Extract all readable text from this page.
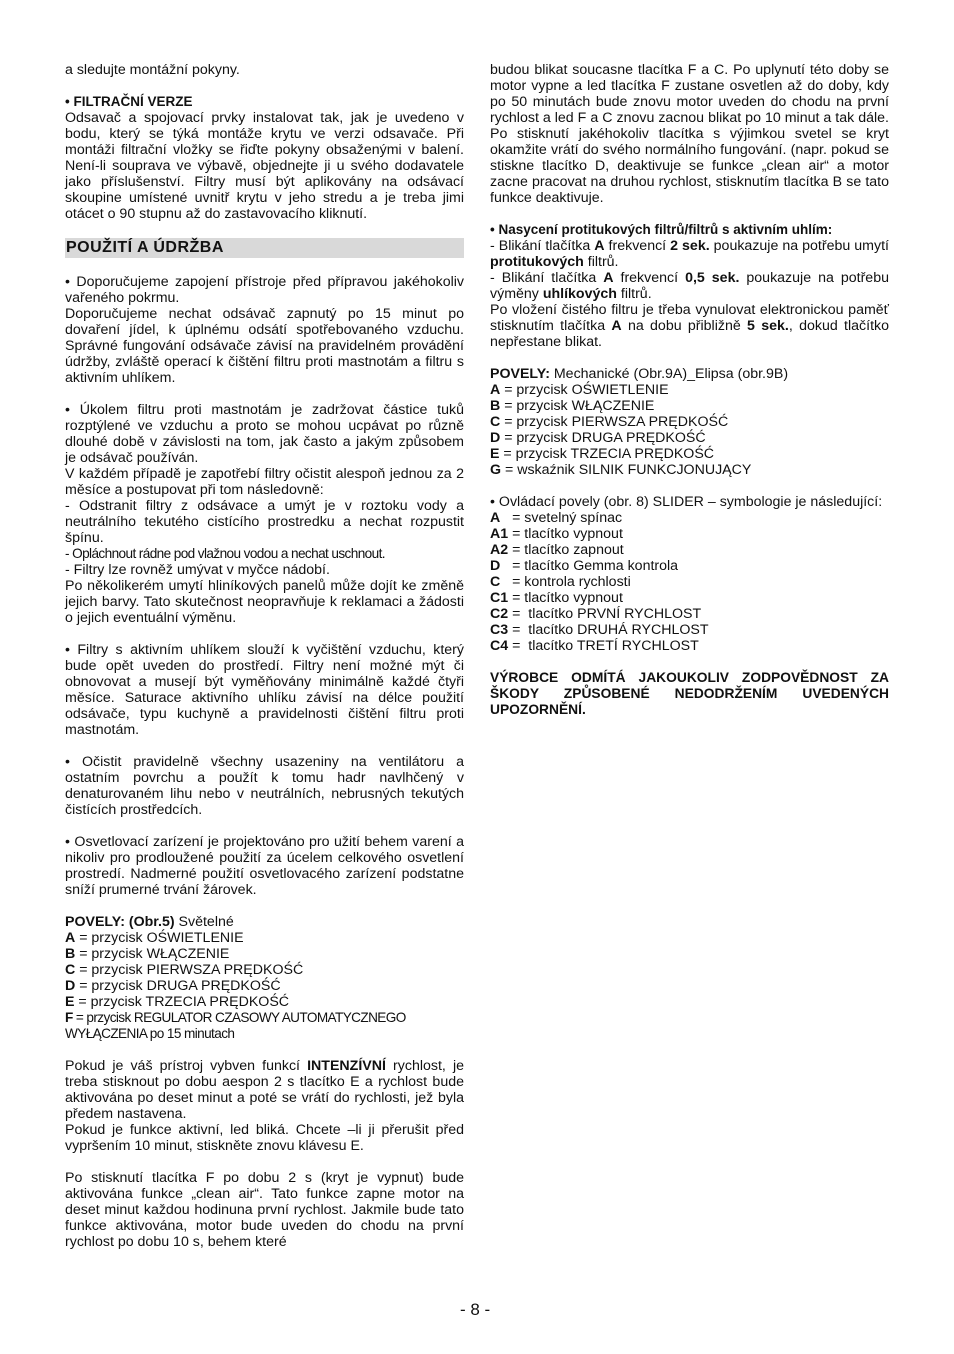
a sledujte montážní pokyny.

• FILTRAČNÍ VERZE

Odsavač a spojovací prvky instalovat tak, jak je uvedeno v bodu, který se týká montáže krytu ve verzi odsavače. Při montáži filtrační vložky se řiďte pokyny obsaženými v balení. Není-li souprava ve výbavě, objednejte ji u svého dodavatele jako příslušenství. Filtry musí být aplikovány na odsávací skoupine umístené uvnitř krytu v jeho stredu a je treba jimi otácet o 90 stupnu až do zastavovacího kliknutí.

POUŽITÍ A ÚDRŽBA

• Doporučujeme zapojení přístroje před přípravou jakéhokoliv vařeného pokrmu.

Doporučujeme nechat odsávač zapnutý po 15 minut po dovaření jídel, k úplnému odsátí spotřebovaného vzduchu. Správné fungování odsávače závisí na pravidelném provádění údržby, zvláště operací k čištění filtru proti mastnotám a filtru s aktivním uhlíkem.

• Úkolem filtru proti mastnotám je zadržovat částice tuků rozptýlené ve vzduchu a proto se mohou ucpávat po různě dlouhé době v závislosti na tom, jak často a jakým způsobem je odsávač používán.

V každém případě je zapotřebí filtry očistit alespoň jednou za 2 měsíce a postupovat při tom následovně:

- Odstranit filtry z odsávace a umýt je v roztoku vody a neutrálního tekutého cistícího prostredku a nechat rozpustit špínu.

- Opláchnout rádne pod vlažnou vodou a nechat uschnout.

- Filtry lze rovněž umývat v myčce nádobí.

Po několikerém umytí hliníkových panelů může dojít ke změně jejich barvy. Tato skutečnost neopravňuje k reklamaci a žádosti o jejich eventuální výměnu.

• Filtry s aktivním uhlíkem slouží k vyčištění vzduchu, který bude opět uveden do prostředí. Filtry není možné mýt či obnovovat a musejí být vyměňovány minimálně každé čtyři měsíce. Saturace aktivního uhlíku závisí na délce použití odsávače, typu kuchyně a pravidelnosti čištění filtru proti mastnotám.

• Očistit pravidelně všechny usazeniny na ventilátoru a ostatním povrchu a použít k tomu hadr navlhčený v denaturovaném lihu nebo v neutrálních, nebrusných tekutých čistících prostředcích.

• Osvetlovací zarízení je projektováno pro užití behem varení a nikoliv pro prodloužené použití za úcelem celkového osvetlení prostredí. Nadmerné použití osvetlovacého zarízení podstatne sníží prumerné trvání žárovek.

POVELY: (Obr.5) Světelné

A = przycisk OŚWIETLENIE

B = przycisk WŁĄCZENIE

C = przycisk PIERWSZA PRĘDKOŚĆ

D = przycisk DRUGA PRĘDKOŚĆ

E = przycisk TRZECIA PRĘDKOŚĆ

F = przycisk REGULATOR CZASOWY AUTOMATYCZNEGO WYŁĄCZENIA po 15 minutach

Pokud je váš prístroj vybven funkcí INTENZÍVNÍ rychlost, je treba stisknout po dobu aespon 2 s tlacítko E a rychlost bude aktivována po deset minut a poté se vrátí do rychlosti, jež byla předem nastavena.

Pokud je funkce aktivní, led bliká. Chcete –li ji přerušit před vypršením 10 minut, stiskněte znovu klávesu E.

Po stisknutí tlacítka F po dobu 2 s (kryt je vypnut) bude aktivována funkce „clean air“. Tato funkce zapne motor na deset minut každou hodinuna první rychlost. Jakmile bude tato funkce aktivována, motor bude uveden do chodu na první rychlost po dobu 10 s, behem které

budou blikat soucasne tlacítka F a C. Po uplynutí této doby se motor vypne a led tlacítka F zustane osvetlen až do doby, kdy po 50 minutách bude znovu motor uveden do chodu na první rychlost a led F a C znovu zacnou blikat po 10 minut a tak dále. Po stisknutí jakéhokoliv tlacítka s výjimkou svetel se kryt okamžite vrátí do svého normálního fungování. (napr. pokud se stiskne tlacítko D, deaktivuje se funkce „clean air“ a motor zacne pracovat na druhou rychlost, stisknutím tlacítka B se tato funkce deaktivuje.

• Nasycení protitukových filtrů/filtrů s aktivním uhlím:

- Blikání tlačítka A frekvencí 2 sek. poukazuje na potřebu umytí protitukových filtrů.

- Blikání tlačítka A frekvencí 0,5 sek. poukazuje na potřebu výměny uhlíkových filtrů.

Po vložení čistého filtru je třeba vynulovat elektronickou paměť stisknutím tlačítka A na dobu přibližně 5 sek., dokud tlačítko nepřestane blikat.

POVELY: Mechanické (Obr.9A)_Elipsa (obr.9B)

A = przycisk OŚWIETLENIE

B = przycisk WŁĄCZENIE

C = przycisk PIERWSZA PRĘDKOŚĆ

D = przycisk DRUGA PRĘDKOŚĆ

E = przycisk TRZECIA PRĘDKOŚĆ

G = wskaźnik SILNIK FUNKCJONUJĄCY

• Ovládací povely (obr. 8) SLIDER – symbologie je následující:

A   = svetelný spínac

A1 = tlacítko vypnout

A2 = tlacítko zapnout

D   = tlacítko Gemma kontrola

C   = kontrola rychlosti

C1 = tlacítko vypnout

C2 =  tlacítko PRVNÍ RYCHLOST

C3 =  tlacítko DRUHÁ RYCHLOST

C4 =  tlacítko TRETÍ RYCHLOST

VÝROBCE ODMÍTÁ JAKOUKOLIV ZODPOVĚDNOST ZA ŠKODY ZPŮSOBENÉ NEDODRŽENÍM UVEDENÝCH UPOZORNĚNÍ.

- 8 -
